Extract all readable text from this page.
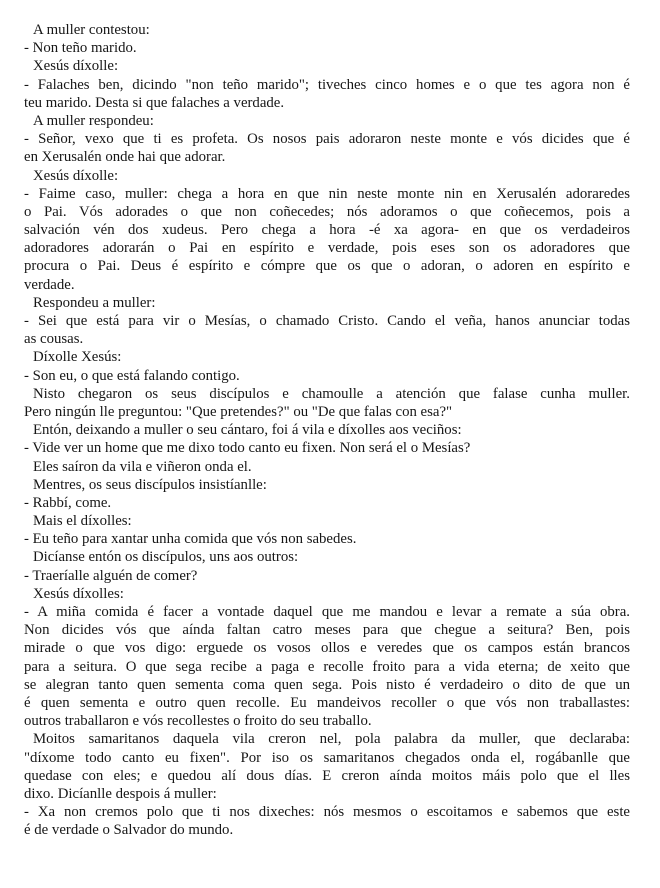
A muller contestou:
- Non teño marido.
Xesús díxolle:
- Falaches ben, dicindo "non teño marido"; tiveches cinco homes e o que tes agora non é
teu marido. Desta si que falaches a verdade.
A muller respondeu:
- Señor, vexo que ti es profeta. Os nosos pais adoraron neste monte e vós dicides que é
en Xerusalén onde hai que adorar.
Xesús díxolle:
- Faime caso, muller: chega a hora en que nin neste monte nin en Xerusalén adoraredes
o Pai. Vós adorades o que non coñecedes; nós adoramos o que coñecemos, pois a
salvación vén dos xudeus. Pero chega a hora -é xa agora- en que os verdadeiros
adoradores adorarán o Pai en espírito e verdade, pois eses son os adoradores que
procura o Pai. Deus é espírito e cómpre que os que o adoran, o adoren en espírito e
verdade.
Respondeu a muller:
- Sei que está para vir o Mesías, o chamado Cristo. Cando el veña, hanos anunciar todas
as cousas.
Díxolle Xesús:
- Son eu, o que está falando contigo.
Nisto chegaron os seus discípulos e chamoulle a atención que falase cunha muller.
Pero ningún lle preguntou: "Que pretendes?" ou "De que falas con esa?"
Entón, deixando a muller o seu cántaro, foi á vila e díxolles aos veciños:
- Vide ver un home que me dixo todo canto eu fixen. Non será el o Mesías?
Eles saíron da vila e viñeron onda el.
Mentres, os seus discípulos insistíanlle:
- Rabbí, come.
Mais el díxolles:
- Eu teño para xantar unha comida que vós non sabedes.
Dicíanse entón os discípulos, uns aos outros:
- Traeríalle alguén de comer?
Xesús díxolles:
- A miña comida é facer a vontade daquel que me mandou e levar a remate a súa obra.
Non dicides vós que aínda faltan catro meses para que chegue a seitura? Ben, pois
mirade o que vos digo: erguede os vosos ollos e veredes que os campos están brancos
para a seitura. O que sega recibe a paga e recolle froito para a vida eterna; de xeito que
se alegran tanto quen sementa coma quen sega. Pois nisto é verdadeiro o dito de que un
é quen sementa e outro quen recolle. Eu mandeivos recoller o que vós non traballastes:
outros traballaron e vós recollestes o froito do seu traballo.
Moitos samaritanos daquela vila creron nel, pola palabra da muller, que declaraba:
"díxome todo canto eu fixen". Por iso os samaritanos chegados onda el, rogábanlle que
quedase con eles; e quedou alí dous días. E creron aínda moitos máis polo que el lles
dixo. Dicíanlle despois á muller:
- Xa non cremos polo que ti nos dixeches: nós mesmos o escoitamos e sabemos que este
é de verdade o Salvador do mundo.
